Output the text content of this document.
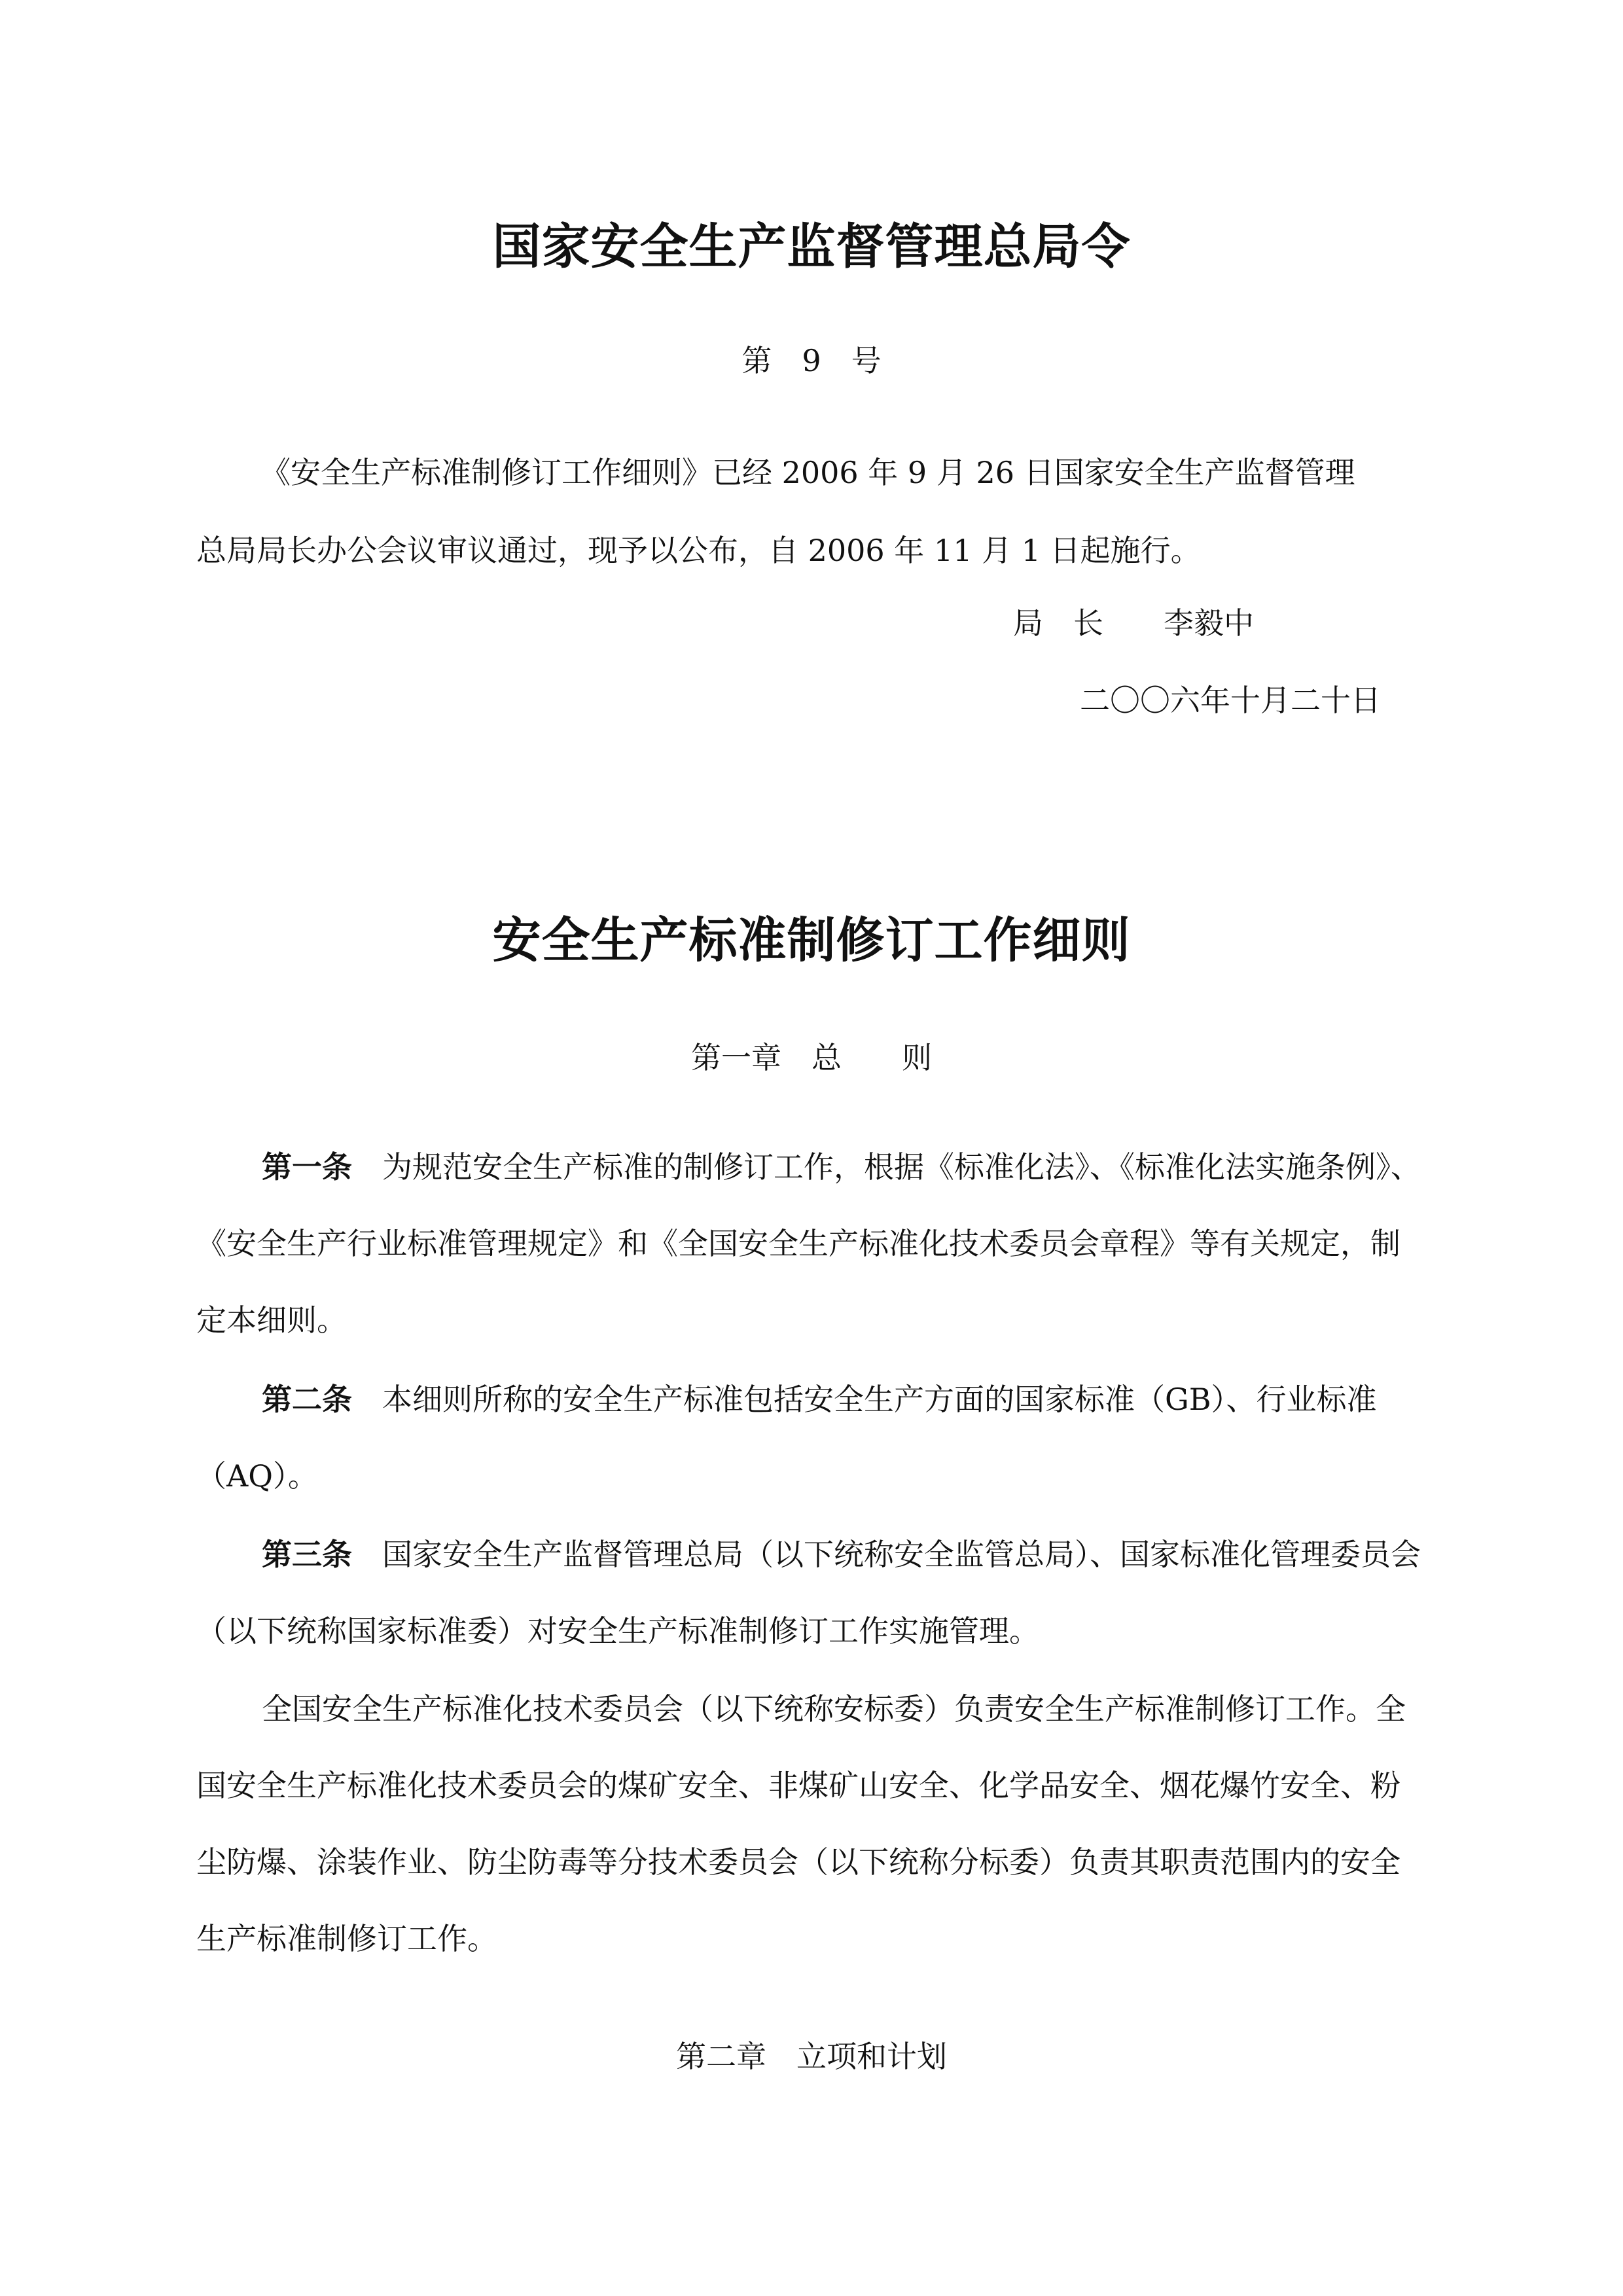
国家安全生产监督管理总局令
第　9　号
《安全生产标准制修订工作细则》已经 2006 年 9 月 26 日国家安全生产监督管理
总局局长办公会议审议通过，现予以公布，自 2006 年 11 月 1 日起施行。
局　长　　李毅中
二〇〇六年十月二十日
安全生产标准制修订工作细则
第一章　总　　则

第一条 为规范安全生产标准的制修订工作，根据《标准化法》、《标准化法实施条例》、《安全生产行业标准管理规定》和《全国安全生产标准化技术委员会章程》等有关规定，制定本细则。

第二条 本细则所称的安全生产标准包括安全生产方面的国家标准（GB）、行业标准（AQ）。

第三条 国家安全生产监督管理总局（以下统称安全监管总局）、国家标准化管理委员会（以下统称国家标准委）对安全生产标准制修订工作实施管理。

全国安全生产标准化技术委员会（以下统称安标委）负责安全生产标准制修订工作。全国安全生产标准化技术委员会的煤矿安全、非煤矿山安全、化学品安全、烟花爆竹安全、粉尘防爆、涂装作业、防尘防毒等分技术委员会（以下统称分标委）负责其职责范围内的安全生产标准制修订工作。

第二章　立项和计划
